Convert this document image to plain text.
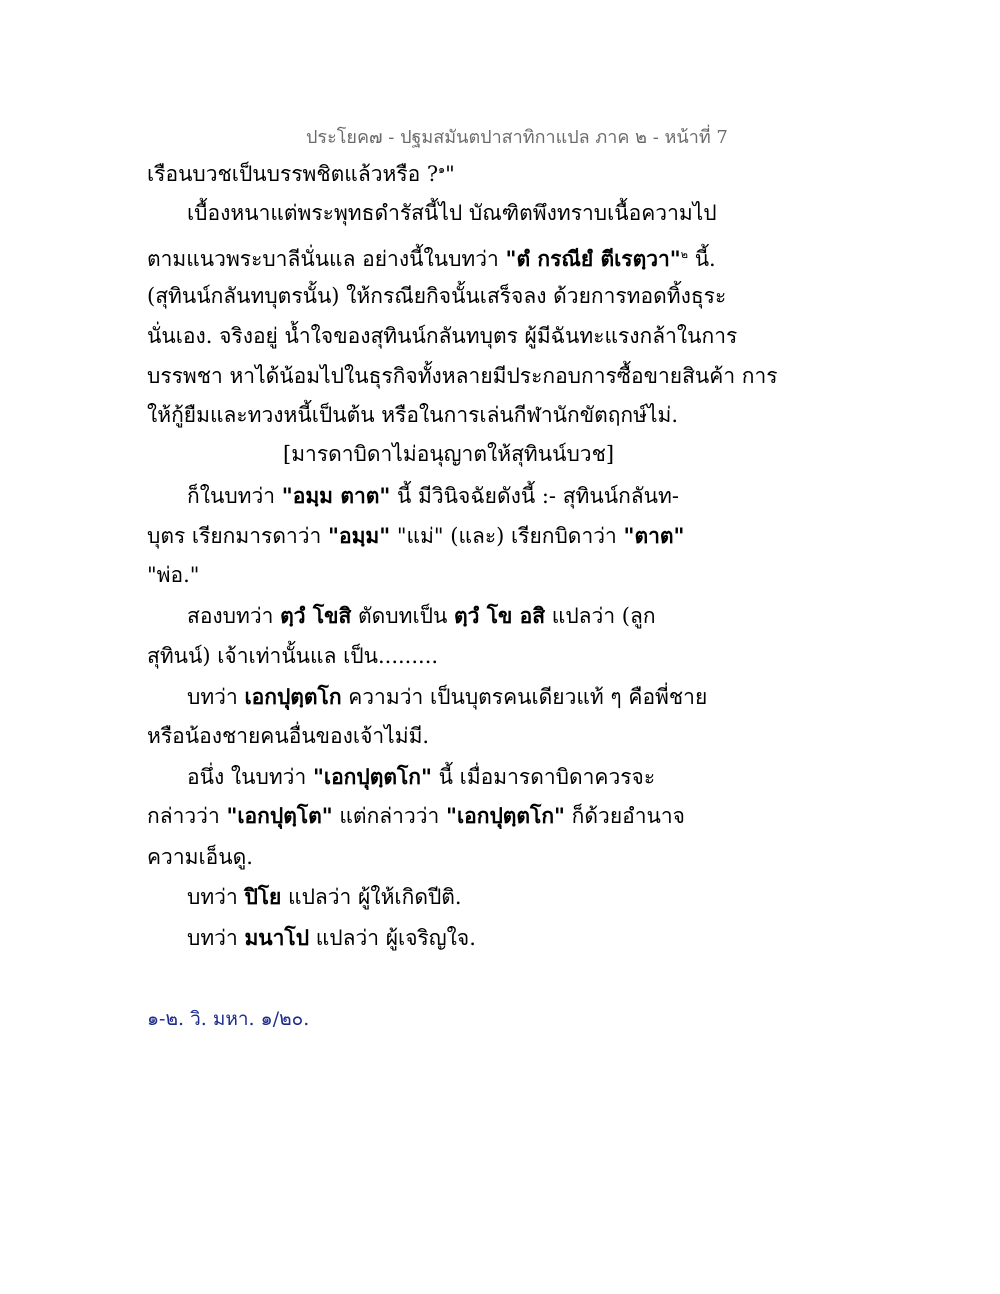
ประโยค๗ - ปฐมสมันตปาสาทิกาแปล ภาค ๒ - หน้าที่ 7
เรือนบวชเป็นบรรพชิตแล้วหรือ ?$^๑$"
เบื้องหนาแต่พระพุทธดำรัสนี้ไป บัณฑิตพึงทราบเนื้อความไป
ตามแนวพระบาลีนั่นแล อย่างนี้ในบทว่า "ตํ กรณียํ ตีเรตฺวา"$^๒$ นี้.
(สุทินน์กลันทบุตรนั้น) ให้กรณียกิจนั้นเสร็จลง ด้วยการทอดทิ้งธุระ
นั่นเอง. จริงอยู่ น้ำใจของสุทินน์กลันทบุตร ผู้มีฉันทะแรงกล้าในการ
บรรพชา หาได้น้อมไปในธุรกิจทั้งหลายมีประกอบการซื้อขายสินค้า การ
ให้กู้ยืมและทวงหนี้เป็นต้น หรือในการเล่นกีฬานักขัตฤกษ์ไม่.
[มารดาบิดาไม่อนุญาตให้สุทินน์บวช]
ก็ในบทว่า "อมฺม ตาต" นี้ มีวินิจฉัยดังนี้ :- สุทินน์กลันท-
บุตร เรียกมารดาว่า "อมฺม" "แม่" (และ) เรียกบิดาว่า "ตาต"
"พ่อ."
สองบทว่า ตฺวํ โขสิ ตัดบทเป็น ตฺวํ โข อสิ แปลว่า (ลูก
สุทินน์) เจ้าเท่านั้นแล เป็น.........
บทว่า เอกปุตฺตโก ความว่า เป็นบุตรคนเดียวแท้ ๆ คือพี่ชาย
หรือน้องชายคนอื่นของเจ้าไม่มี.
อนึ่ง ในบทว่า "เอกปุตฺตโก" นี้ เมื่อมารดาบิดาควรจะ
กล่าวว่า "เอกปุตฺโต" แต่กล่าวว่า "เอกปุตฺตโก" ก็ด้วยอำนาจ
ความเอ็นดู.
บทว่า ปิโย แปลว่า ผู้ให้เกิดปีติ.
บทว่า มนาโป แปลว่า ผู้เจริญใจ.
๑-๒. วิ. มหา. ๑/๒๐.
